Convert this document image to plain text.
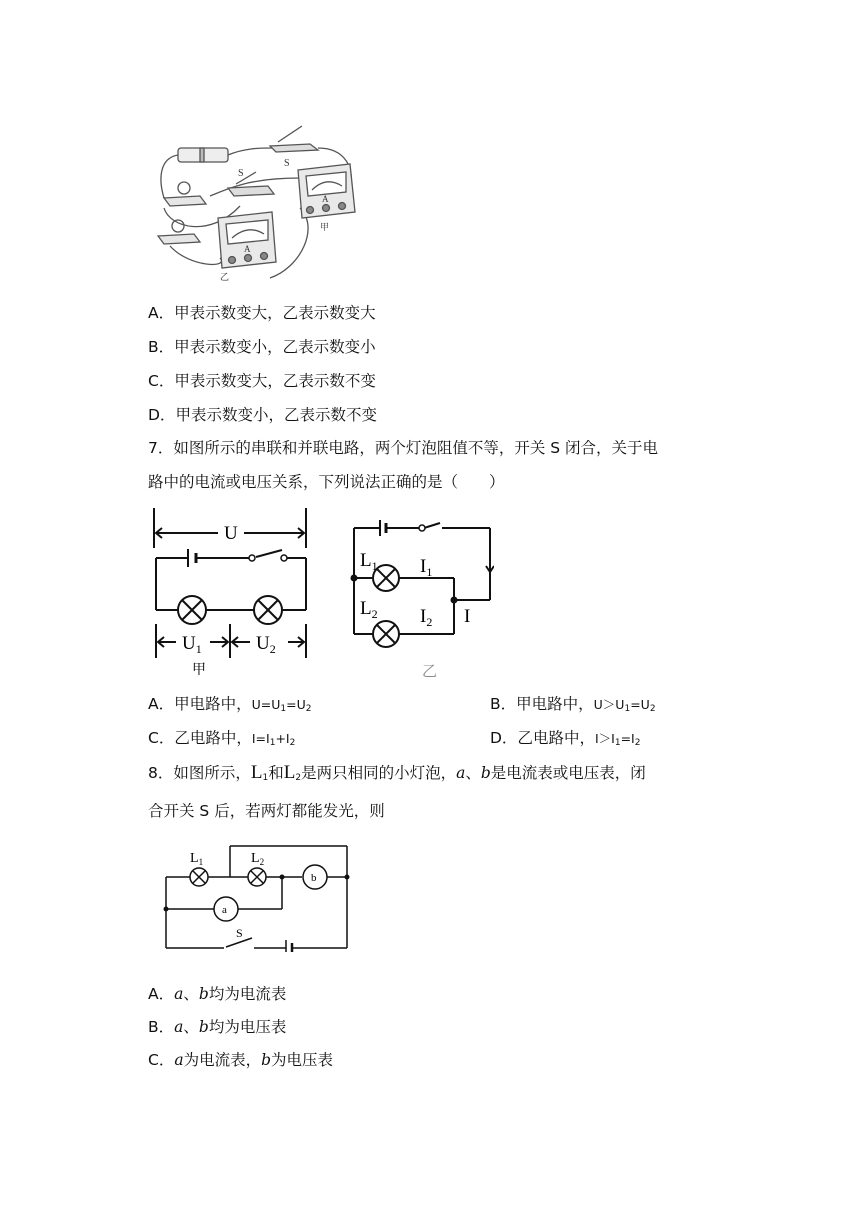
S
S
A
A
甲
乙
A．甲表示数变大，乙表示数变大
B．甲表示数变小，乙表示数变小
C．甲表示数变大，乙表示数不变
D．甲表示数变小，乙表示数不变
7．如图所示的串联和并联电路，两个灯泡阻值不等，开关 S 闭合，关于电
路中的电流或电压关系，下列说法正确的是（　　）
U
$U_1$	$U_2$
甲
$L_1$
$L_2$
$I_1$
$I_2$ I
乙
A．甲电路中，$U=U_1=U_2$	B．甲电路中，$U>U_1=U_2$
C．乙电路中，$I=I_1+I_2$	D．乙电路中，$I>I_1=I_2$
8．如图所示，$L_1$和$L_2$是两只相同的小灯泡，a、b是电流表或电压表，闭
合开关 S 后，若两灯都能发光，则
$L_1$	$L_2$
b
a
S
A．a、b均为电流表
B．a、b均为电压表
C．a为电流表，b为电压表
